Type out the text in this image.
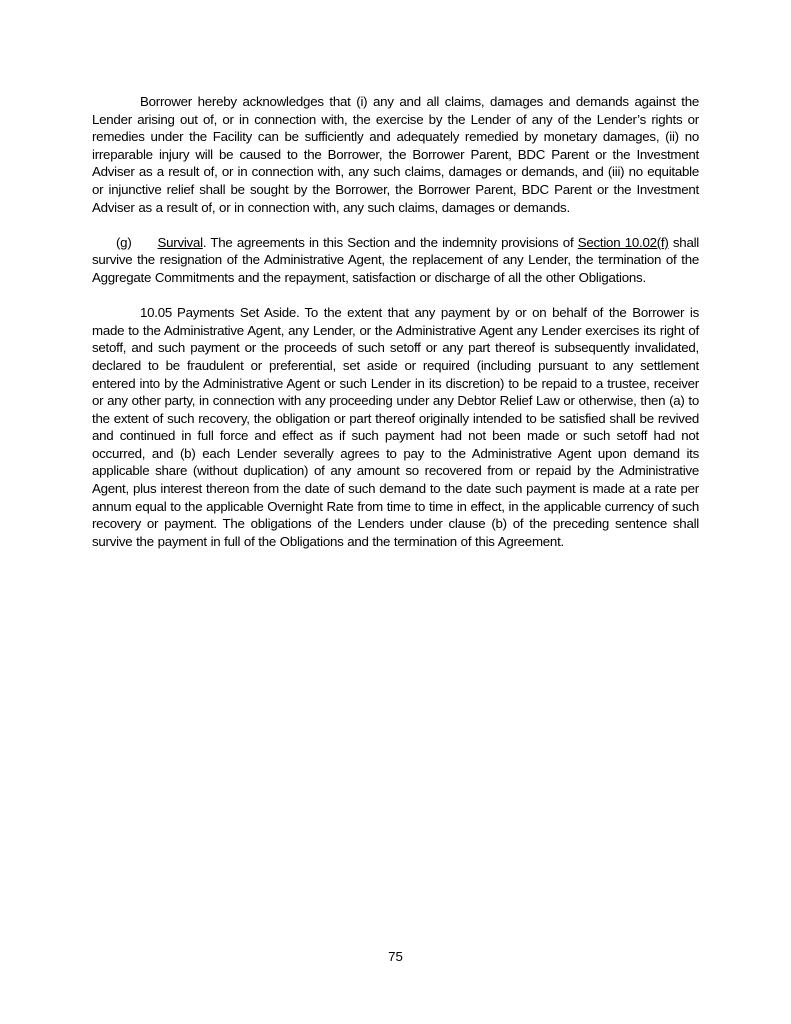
Borrower hereby acknowledges that (i) any and all claims, damages and demands against the Lender arising out of, or in connection with, the exercise by the Lender of any of the Lender’s rights or remedies under the Facility can be sufficiently and adequately remedied by monetary damages, (ii) no irreparable injury will be caused to the Borrower, the Borrower Parent, BDC Parent or the Investment Adviser as a result of, or in connection with, any such claims, damages or demands, and (iii) no equitable or injunctive relief shall be sought by the Borrower, the Borrower Parent, BDC Parent or the Investment Adviser as a result of, or in connection with, any such claims, damages or demands.

(g) Survival. The agreements in this Section and the indemnity provisions of Section 10.02(f) shall survive the resignation of the Administrative Agent, the replacement of any Lender, the termination of the Aggregate Commitments and the repayment, satisfaction or discharge of all the other Obligations.

10.05 Payments Set Aside. To the extent that any payment by or on behalf of the Borrower is made to the Administrative Agent, any Lender, or the Administrative Agent any Lender exercises its right of setoff, and such payment or the proceeds of such setoff or any part thereof is subsequently invalidated, declared to be fraudulent or preferential, set aside or required (including pursuant to any settlement entered into by the Administrative Agent or such Lender in its discretion) to be repaid to a trustee, receiver or any other party, in connection with any proceeding under any Debtor Relief Law or otherwise, then (a) to the extent of such recovery, the obligation or part thereof originally intended to be satisfied shall be revived and continued in full force and effect as if such payment had not been made or such setoff had not occurred, and (b) each Lender severally agrees to pay to the Administrative Agent upon demand its applicable share (without duplication) of any amount so recovered from or repaid by the Administrative Agent, plus interest thereon from the date of such demand to the date such payment is made at a rate per annum equal to the applicable Overnight Rate from time to time in effect, in the applicable currency of such recovery or payment. The obligations of the Lenders under clause (b) of the preceding sentence shall survive the payment in full of the Obligations and the termination of this Agreement.

75
